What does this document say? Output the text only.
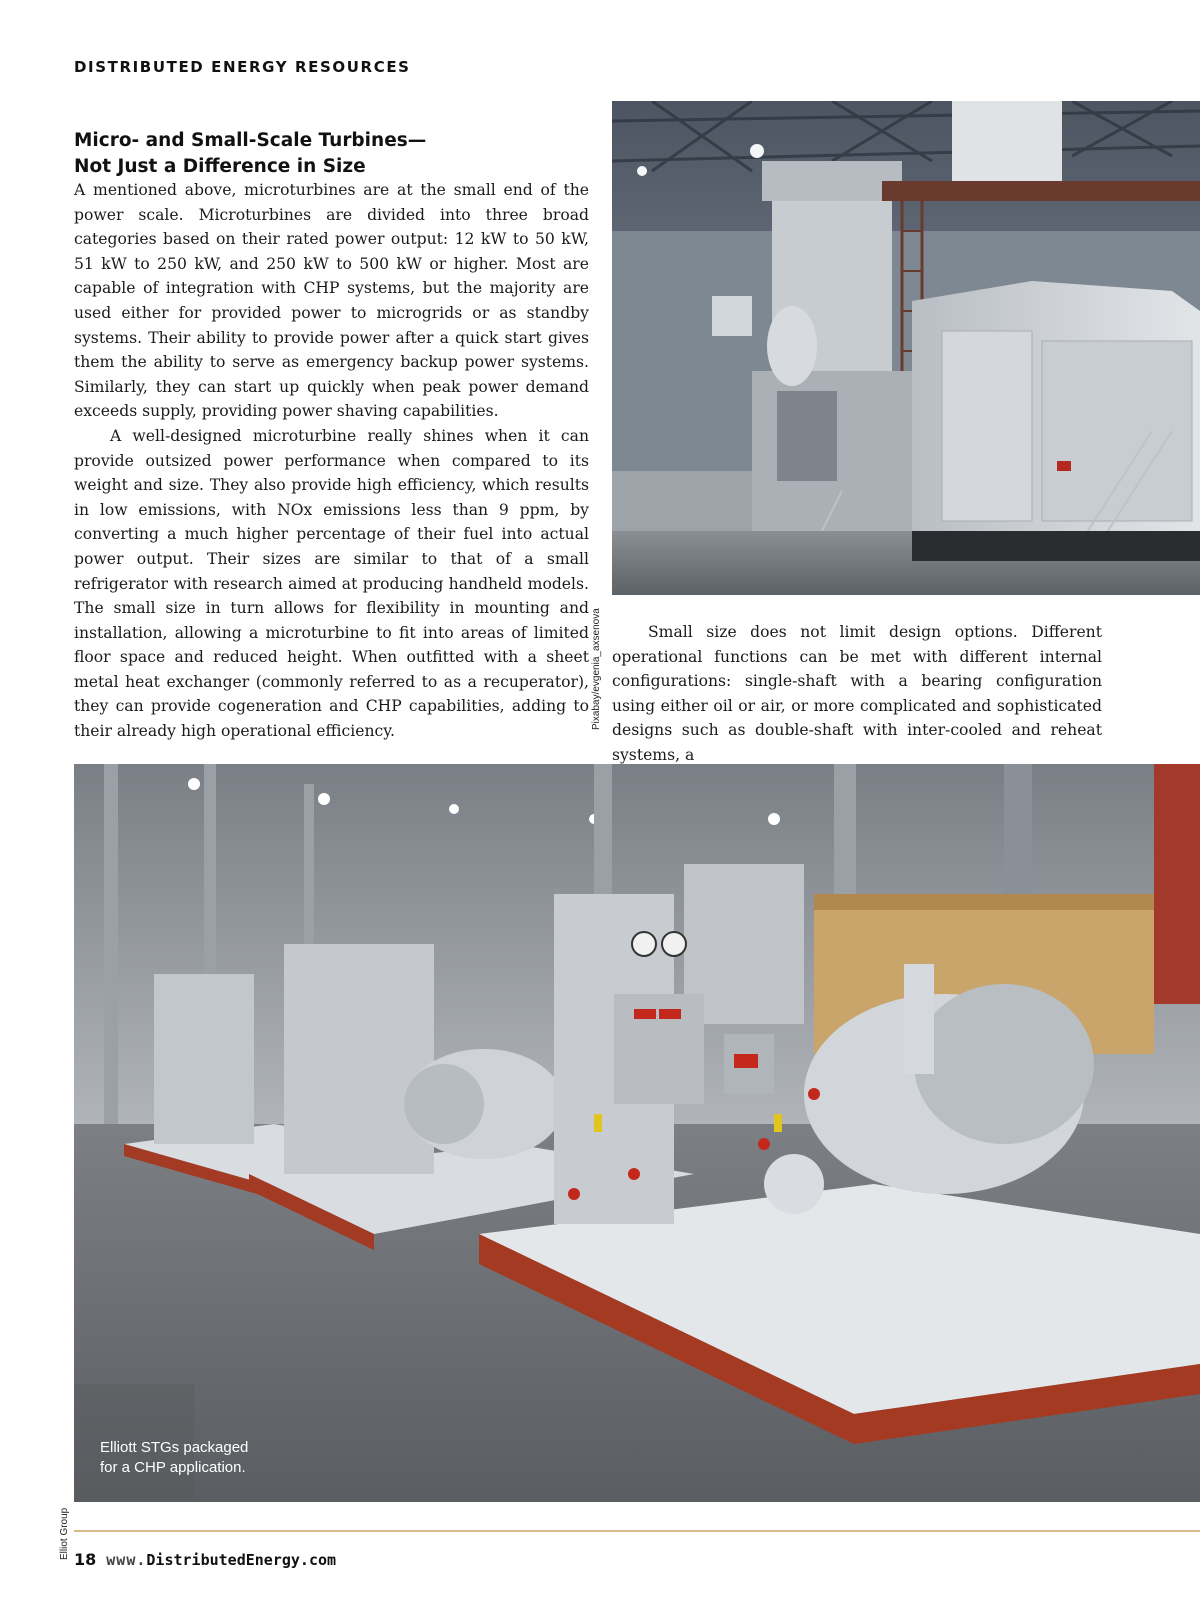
DISTRIBUTED ENERGY RESOURCES
Micro- and Small-Scale Turbines—
Not Just a Difference in Size

A mentioned above, microturbines are at the small end of the power scale. Microturbines are divided into three broad categories based on their rated power output: 12 kW to 50 kW, 51 kW to 250 kW, and 250 kW to 500 kW or higher. Most are capable of integration with CHP systems, but the majority are used either for provided power to microgrids or as standby systems. Their ability to provide power after a quick start gives them the ability to serve as emergency backup power systems. Similarly, they can start up quickly when peak power demand exceeds supply, providing power shaving capabilities.

A well-designed microturbine really shines when it can provide outsized power performance when compared to its weight and size. They also provide high efficiency, which results in low emissions, with NOx emissions less than 9 ppm, by converting a much higher percentage of their fuel into actual power output. Their sizes are similar to that of a small refrigerator with research aimed at producing handheld models. The small size in turn allows for flexibility in mounting and installation, allowing a microturbine to fit into areas of limited floor space and reduced height. When outfitted with a sheet metal heat exchanger (commonly referred to as a recuperator), they can provide cogeneration and CHP capabilities, adding to their already high operational efficiency.

Pixabay/evgenia_axsenova	Small size does not limit design options. Different operational functions can be met with different internal configurations: single-shaft with a bearing configuration using either oil or air, or more complicated and sophisticated designs such as double-shaft with inter-cooled and reheat systems, a

Elliott STGs packaged
for a CHP application.
Elliot Group 18 www.DistributedEnergy.com
